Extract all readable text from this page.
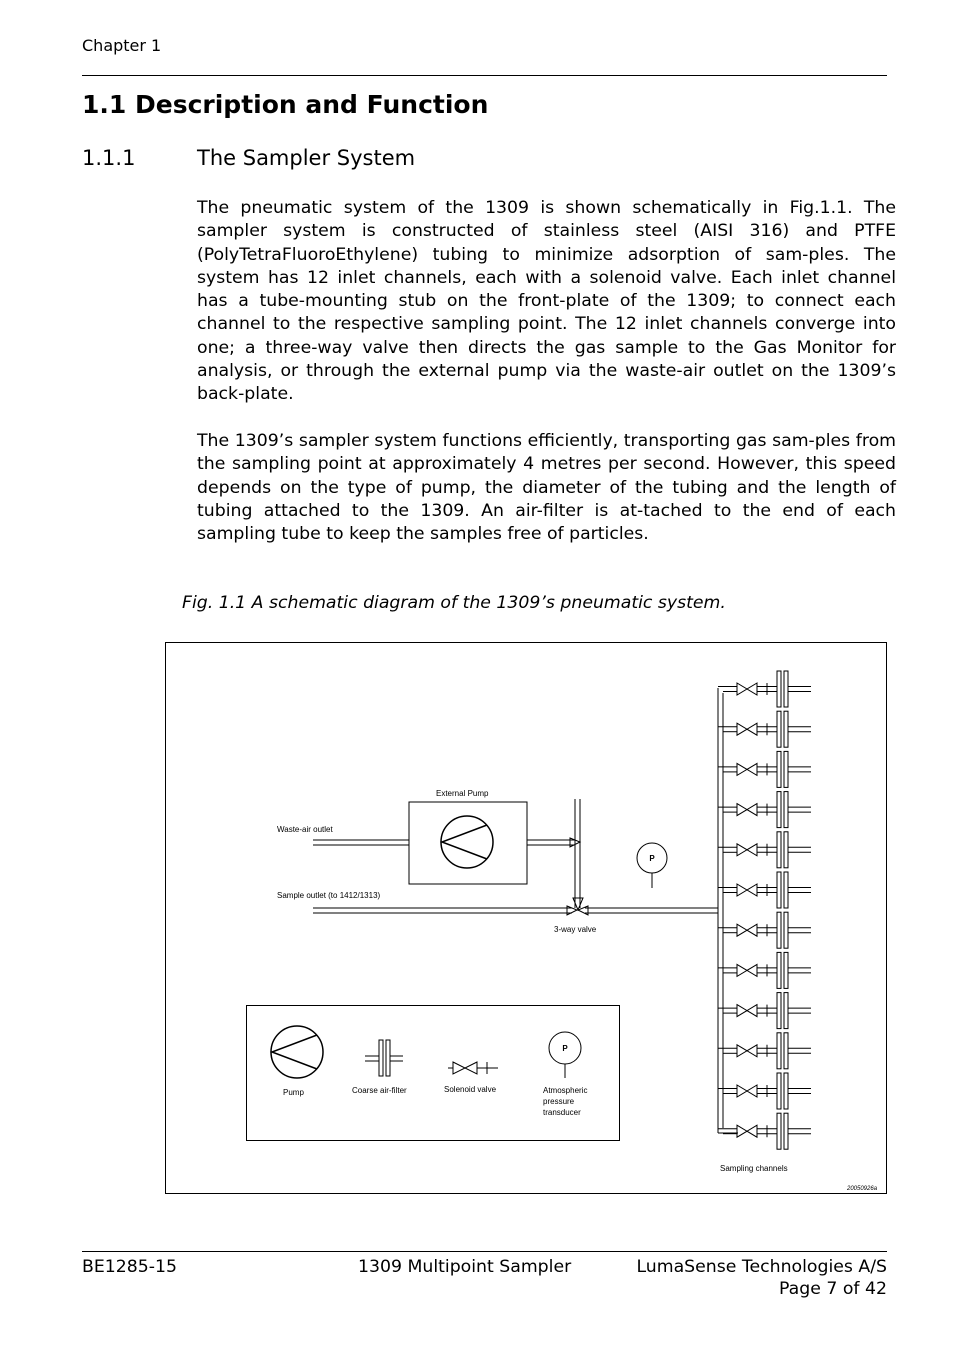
Chapter 1
1.1 Description and Function
1.1.1	The Sampler System
The pneumatic system of the 1309 is shown schematically in Fig.1.1. The sampler system is constructed of stainless steel (AISI 316) and PTFE (PolyTetraFluoroEthylene) tubing to minimize adsorption of sam-ples. The system has 12 inlet channels, each with a solenoid valve. Each inlet channel has a tube-mounting stub on the front-plate of the 1309; to connect each channel to the respective sampling point. The 12 inlet channels converge into one; a three-way valve then directs the gas sample to the Gas Monitor for analysis, or through the external pump via the waste-air outlet on the 1309’s back-plate.
The 1309’s sampler system functions efficiently, transporting gas sam-ples from the sampling point at approximately 4 metres per second. However, this speed depends on the type of pump, the diameter of the tubing and the length of tubing attached to the 1309. An air-filter is at-tached to the end of each sampling tube to keep the samples free of particles.
Fig. 1.1 A schematic diagram of the 1309’s pneumatic system.
External Pump
Waste-air outlet
Sample outlet (to 1412/1313)
3-way valve
P
Sampling channels
20050926a
P
Pump	Coarse air-filter	Solenoid valve	Atmospheric
pressure
transducer
BE1285-15	1309 Multipoint Sampler	LumaSense Technologies A/S
Page 7 of 42
